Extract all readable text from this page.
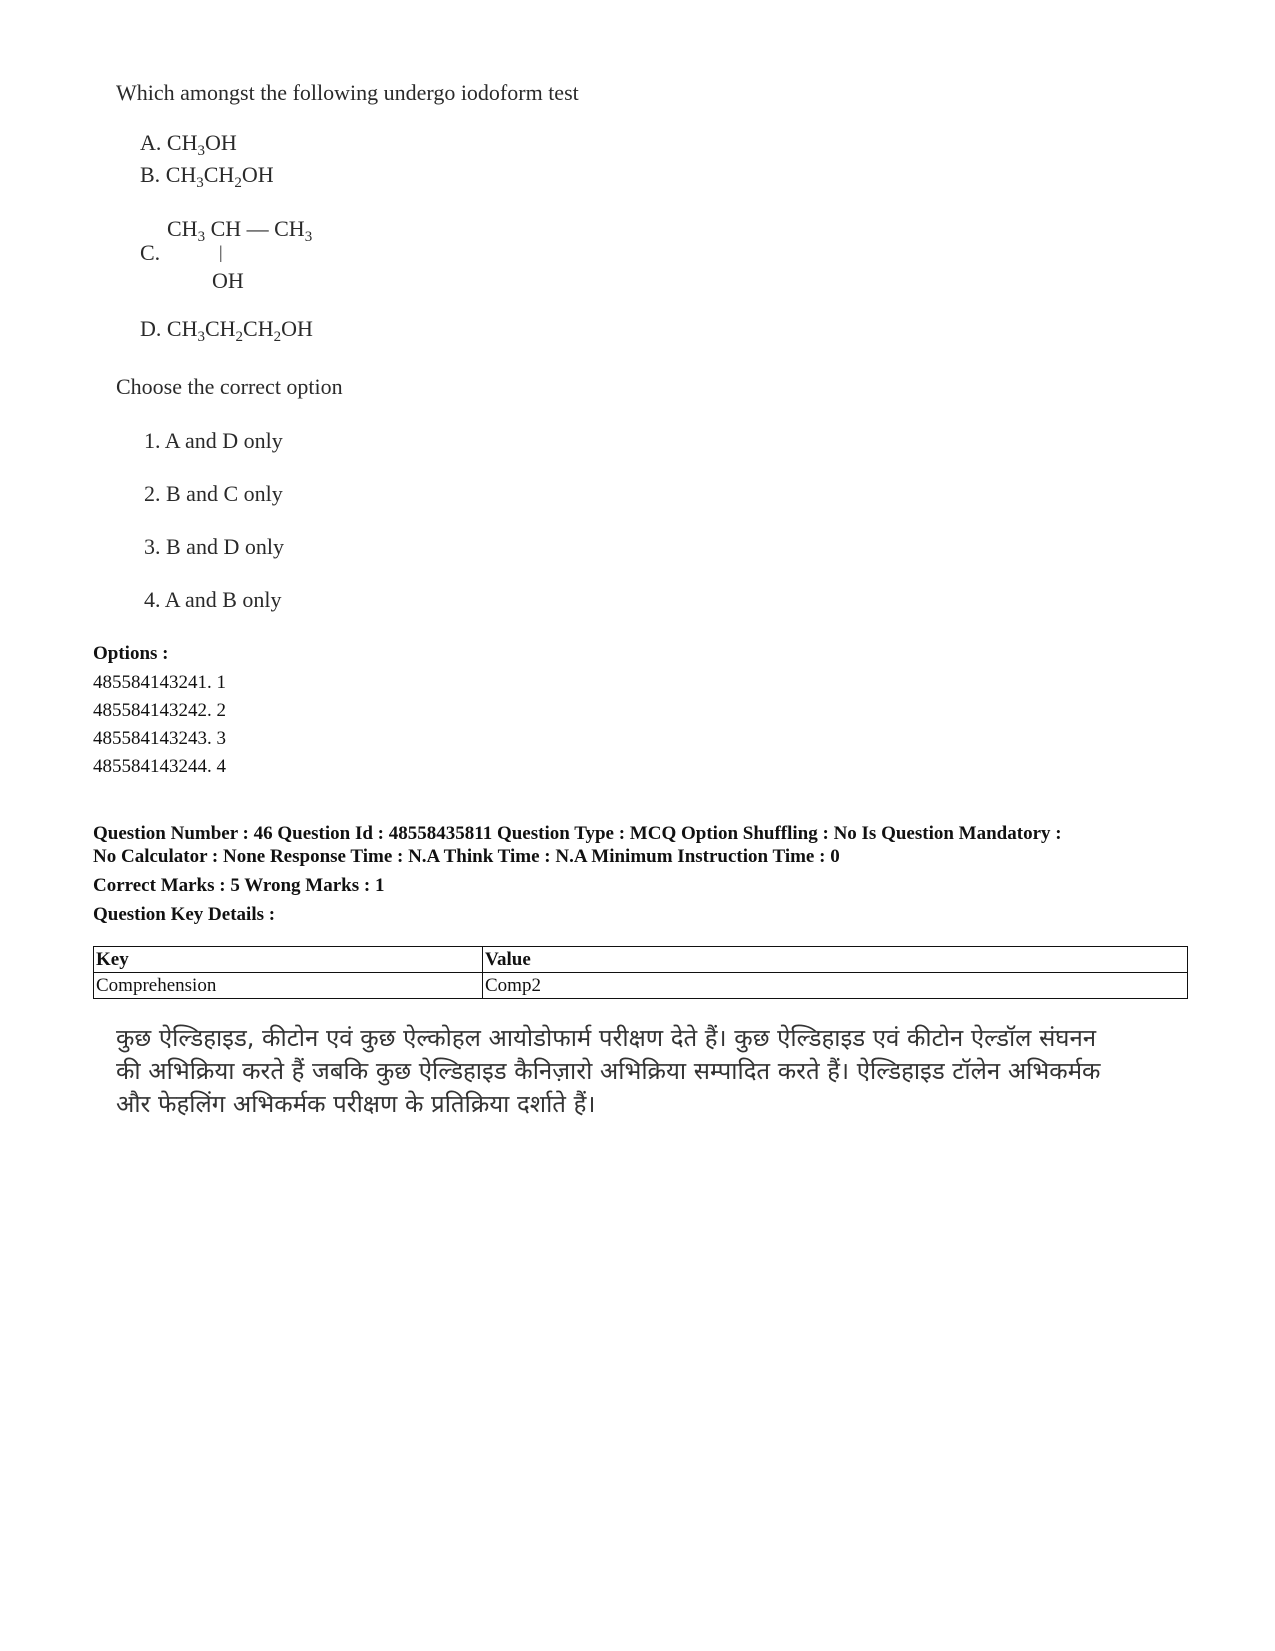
Which amongst the following undergo iodoform test
A. $CH_3OH$
B. $CH_3CH_2OH$
C.
$CH_3$ CH — $CH_3$
|
OH
D. $CH_3CH_2CH_2OH$
Choose the correct option
1. A and D only
2. B and C only
3. B and D only
4. A and B only
Options :
485584143241. 1
485584143242. 2
485584143243. 3
485584143244. 4
Question Number : 46 Question Id : 48558435811 Question Type : MCQ Option Shuffling : No Is Question Mandatory :
No Calculator : None Response Time : N.A Think Time : N.A Minimum Instruction Time : 0
Correct Marks : 5 Wrong Marks : 1
Question Key Details :
Key	Value
Comprehension	Comp2
कुछ ऐल्डिहाइड, कीटोन एवं कुछ ऐल्कोहल आयोडोफार्म परीक्षण देते हैं। कुछ ऐल्डिहाइड एवं कीटोन ऐल्डॉल संघनन
की अभिक्रिया करते हैं जबकि कुछ ऐल्डिहाइड कैनिज़ारो अभिक्रिया सम्पादित करते हैं। ऐल्डिहाइड टॉलेन अभिकर्मक
और फेहलिंग अभिकर्मक परीक्षण के प्रतिक्रिया दर्शाते हैं।
